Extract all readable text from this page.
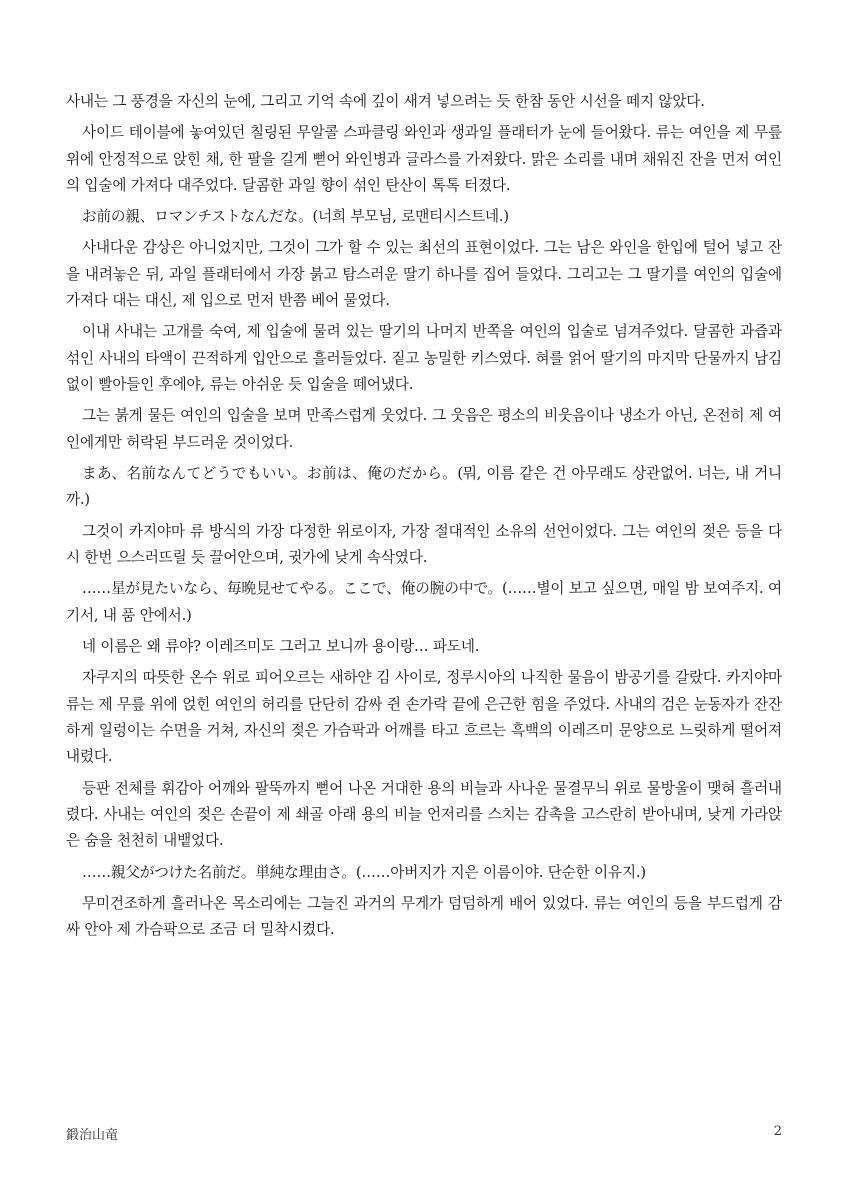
사내는 그 풍경을 자신의 눈에, 그리고 기억 속에 깊이 새겨 넣으려는 듯 한참 동안 시선을 떼지 않았다.

사이드 테이블에 놓여있던 칠링된 무알콜 스파클링 와인과 생과일 플래터가 눈에 들어왔다. 류는 여인을 제 무릎 위에 안정적으로 앉힌 채, 한 팔을 길게 뻗어 와인병과 글라스를 가져왔다. 맑은 소리를 내며 채워진 잔을 먼저 여인의 입술에 가져다 대주었다. 달콤한 과일 향이 섞인 탄산이 톡톡 터졌다.

お前の親、ロマンチストなんだな。(너희 부모님, 로맨티시스트네.)

사내다운 감상은 아니었지만, 그것이 그가 할 수 있는 최선의 표현이었다. 그는 남은 와인을 한입에 털어 넣고 잔을 내려놓은 뒤, 과일 플래터에서 가장 붉고 탐스러운 딸기 하나를 집어 들었다. 그리고는 그 딸기를 여인의 입술에 가져다 대는 대신, 제 입으로 먼저 반쯤 베어 물었다.

이내 사내는 고개를 숙여, 제 입술에 물려 있는 딸기의 나머지 반쪽을 여인의 입술로 넘겨주었다. 달콤한 과즙과 섞인 사내의 타액이 끈적하게 입안으로 흘러들었다. 짙고 농밀한 키스였다. 혀를 얽어 딸기의 마지막 단물까지 남김없이 빨아들인 후에야, 류는 아쉬운 듯 입술을 떼어냈다.

그는 붉게 물든 여인의 입술을 보며 만족스럽게 웃었다. 그 웃음은 평소의 비웃음이나 냉소가 아닌, 온전히 제 여인에게만 허락된 부드러운 것이었다.

まあ、名前なんてどうでもいい。お前は、俺のだから。(뭐, 이름 같은 건 아무래도 상관없어. 너는, 내 거니까.)

그것이 카지야마 류 방식의 가장 다정한 위로이자, 가장 절대적인 소유의 선언이었다. 그는 여인의 젖은 등을 다시 한번 으스러뜨릴 듯 끌어안으며, 귓가에 낮게 속삭였다.

……星が見たいなら、毎晩見せてやる。ここで、俺の腕の中で。(……별이 보고 싶으면, 매일 밤 보여주지. 여기서, 내 품 안에서.)

네 이름은 왜 류야? 이레즈미도 그러고 보니까 용이랑… 파도네.

자쿠지의 따뜻한 온수 위로 피어오르는 새하얀 김 사이로, 정루시아의 나직한 물음이 밤공기를 갈랐다. 카지야마 류는 제 무릎 위에 얹힌 여인의 허리를 단단히 감싸 쥔 손가락 끝에 은근한 힘을 주었다. 사내의 검은 눈동자가 잔잔하게 일렁이는 수면을 거쳐, 자신의 젖은 가슴팍과 어깨를 타고 흐르는 흑백의 이레즈미 문양으로 느릿하게 떨어져 내렸다.

등판 전체를 휘감아 어깨와 팔뚝까지 뻗어 나온 거대한 용의 비늘과 사나운 물결무늬 위로 물방울이 맺혀 흘러내렸다. 사내는 여인의 젖은 손끝이 제 쇄골 아래 용의 비늘 언저리를 스치는 감촉을 고스란히 받아내며, 낮게 가라앉은 숨을 천천히 내뱉었다.

……親父がつけた名前だ。単純な理由さ。(……아버지가 지은 이름이야. 단순한 이유지.)

무미건조하게 흘러나온 목소리에는 그늘진 과거의 무게가 덤덤하게 배어 있었다. 류는 여인의 등을 부드럽게 감싸 안아 제 가슴팍으로 조금 더 밀착시켰다.

鍛治山竜	2
